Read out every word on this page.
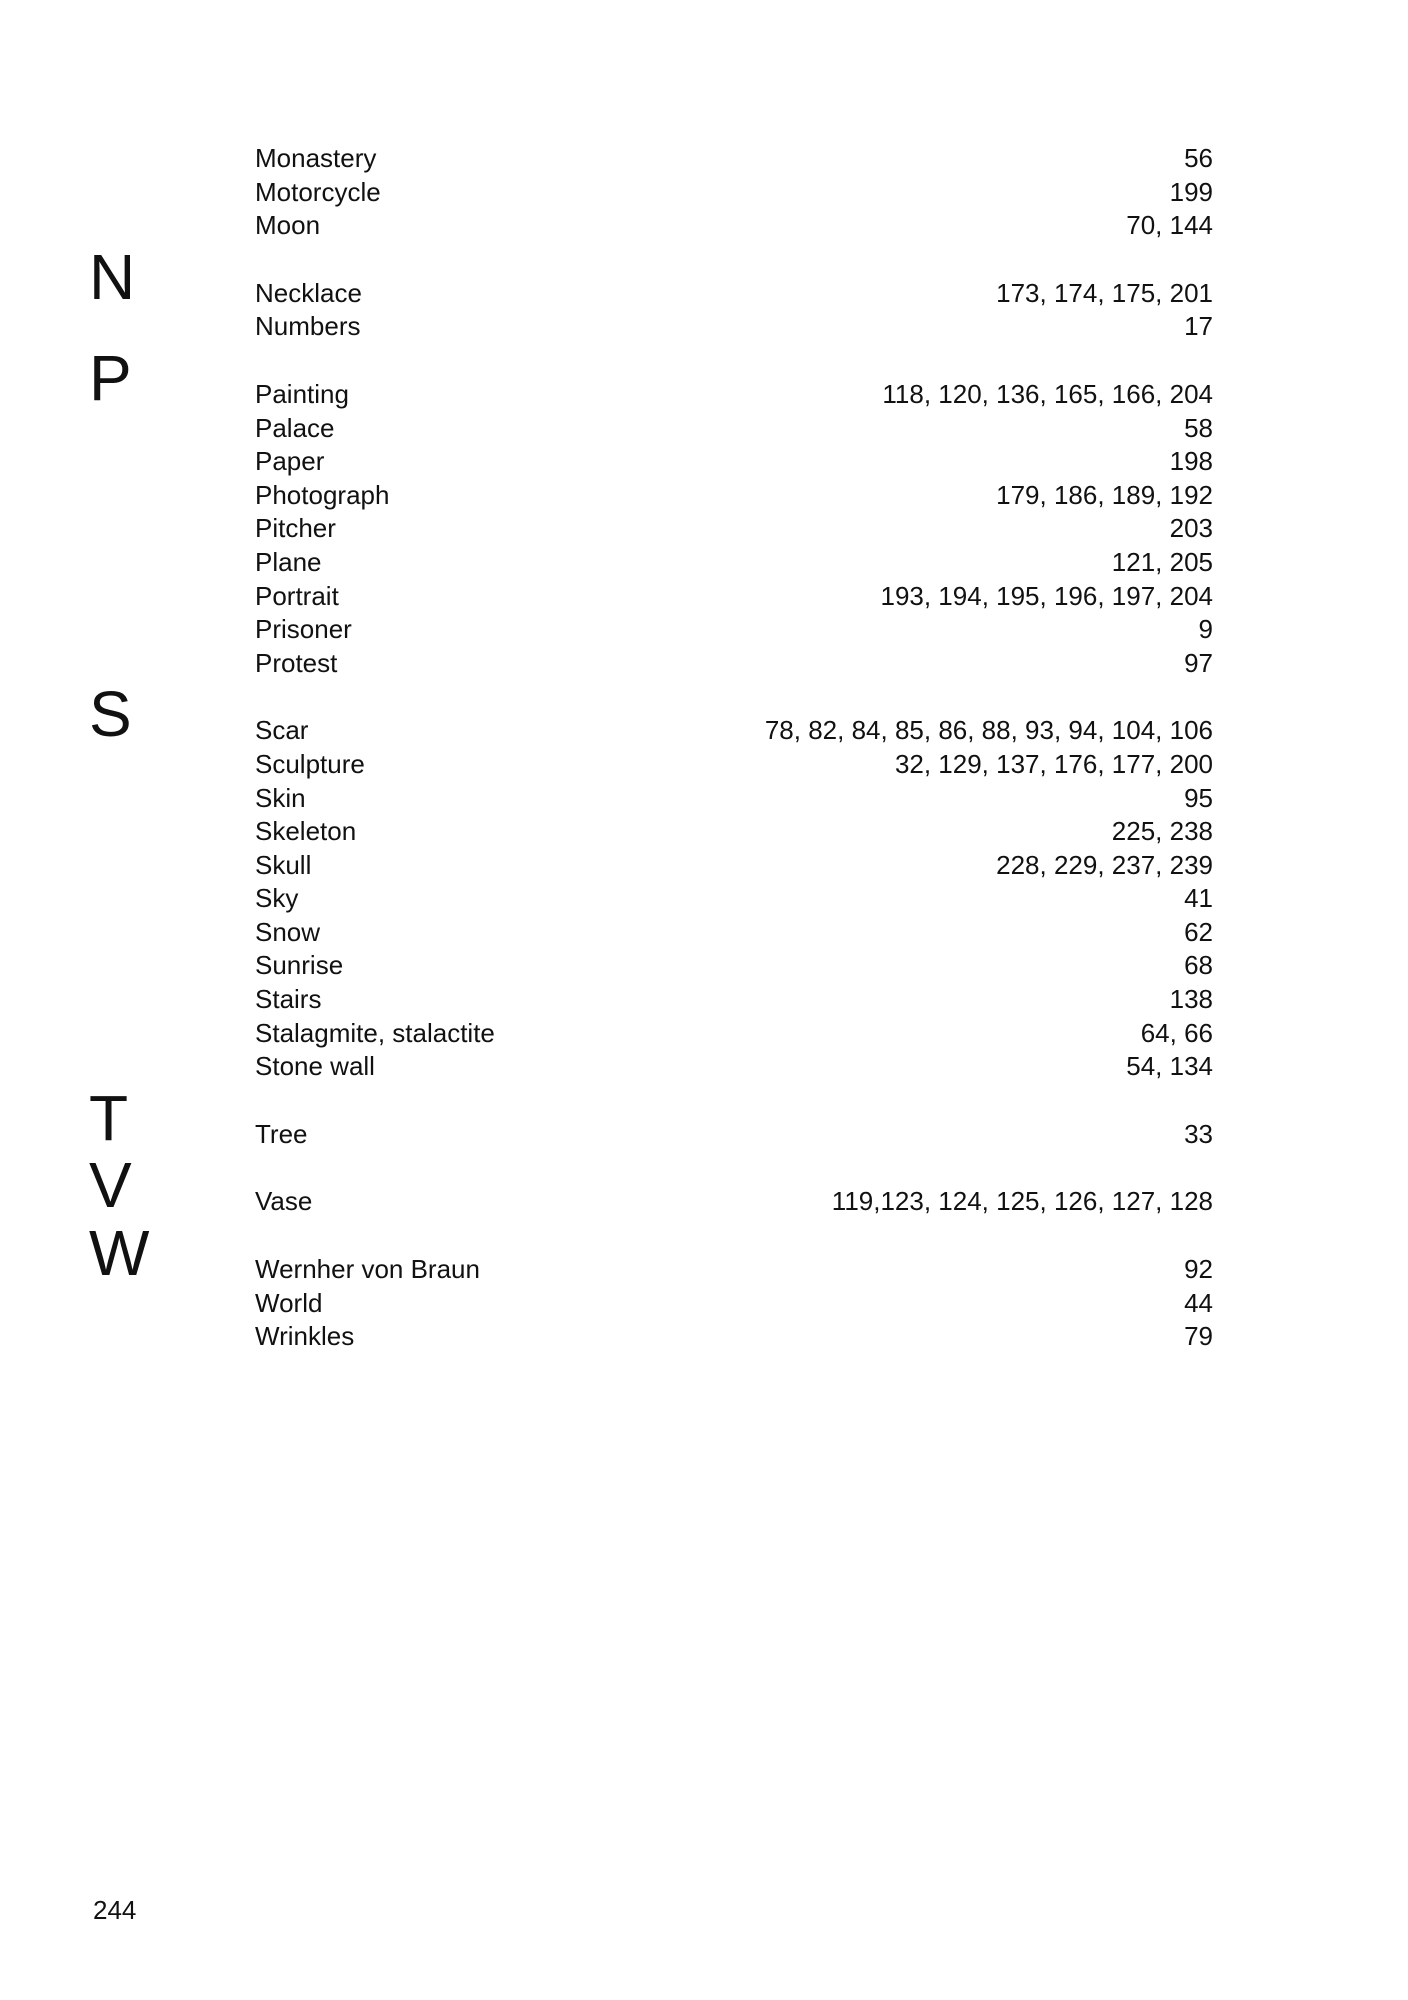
Monastery	56
Motorcycle	199
Moon	70, 144
N	Necklace	173, 174, 175, 201
Numbers	17
P	Painting	118, 120, 136, 165, 166, 204
Palace	58
Paper	198
Photograph	179, 186, 189, 192
Pitcher	203
Plane	121, 205
Portrait	193, 194, 195, 196, 197, 204
Prisoner	9
Protest	97
S	Scar	78, 82, 84, 85, 86, 88, 93, 94, 104, 106
Sculpture	32, 129, 137, 176, 177, 200
Skin	95
Skeleton	225, 238
Skull	228, 229, 237, 239
Sky	41
Snow	62
Sunrise	68
Stairs	138
Stalagmite, stalactite	64, 66
Stone wall	54, 134
T	Tree	33
V	Vase	119,123, 124, 125, 126, 127, 128
W	Wernher von Braun	92
World	44
Wrinkles	79
244
